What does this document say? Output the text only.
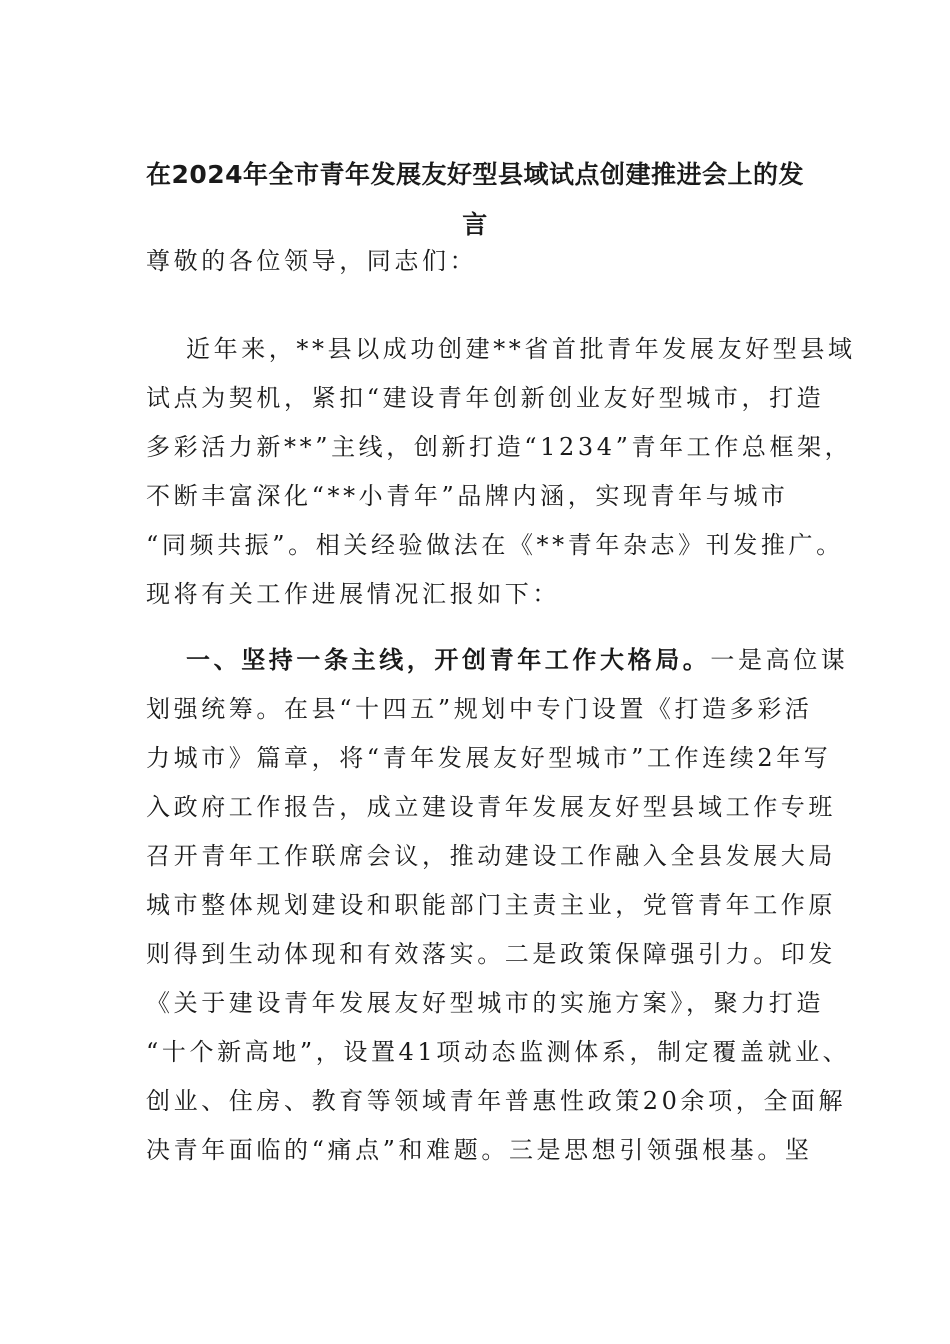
在2024年全市青年发展友好型县域试点创建推进会上的发
言
尊敬的各位领导，同志们：
近年来，**县以成功创建**省首批青年发展友好型县域
试点为契机，紧扣“建设青年创新创业友好型城市，打造
多彩活力新**”主线，创新打造“1234”青年工作总框架，
不断丰富深化“**小青年”品牌内涵，实现青年与城市
“同频共振”。相关经验做法在《**青年杂志》刊发推广。
现将有关工作进展情况汇报如下：
一、坚持一条主线，开创青年工作大格局。一是高位谋
划强统筹。在县“十四五”规划中专门设置《打造多彩活
力城市》篇章，将“青年发展友好型城市”工作连续2年写
入政府工作报告，成立建设青年发展友好型县域工作专班
召开青年工作联席会议，推动建设工作融入全县发展大局
城市整体规划建设和职能部门主责主业，党管青年工作原
则得到生动体现和有效落实。二是政策保障强引力。印发
《关于建设青年发展友好型城市的实施方案》，聚力打造
“十个新高地”，设置41项动态监测体系，制定覆盖就业、
创业、住房、教育等领域青年普惠性政策20余项，全面解
决青年面临的“痛点”和难题。三是思想引领强根基。坚
